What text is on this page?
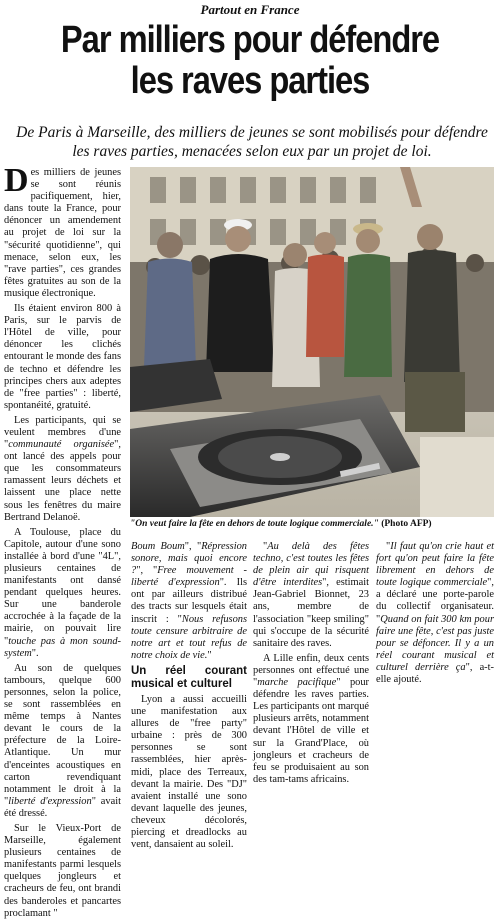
Partout en France
Par milliers pour défendre
les raves parties
De Paris à Marseille, des milliers de jeunes se sont mobilisés pour défendre les raves parties, menacées selon eux par un projet de loi.

Des milliers de jeunes se sont réunis pacifiquement, hier, dans toute la France, pour dénoncer un amendement au projet de loi sur la "sécurité quotidienne", qui menace, selon eux, les "rave parties", ces grandes fêtes gratuites au son de la musique électronique.

Ils étaient environ 800 à Paris, sur le parvis de l'Hôtel de ville, pour dénoncer les clichés entourant le monde des fans de techno et défendre les principes chers aux adeptes de "free parties" : liberté, spontanéité, gratuité.

Les participants, qui se veulent membres d'une "communauté organisée", ont lancé des appels pour que les consommateurs ramassent leurs déchets et laissent une place nette sous les fenêtres du maire Bertrand Delanoë.

A Toulouse, place du Capitole, autour d'une sono installée à bord d'une "4L", plusieurs centaines de manifestants ont dansé pendant quelques heures. Sur une banderole accrochée à la façade de la mairie, on pouvait lire "touche pas à mon sound-system".

Au son de quelques tambours, quelque 600 personnes, selon la police, se sont rassemblées en même temps à Nantes devant le cours de la préfecture de la Loire-Atlantique. Un mur d'enceintes acoustiques en carton revendiquant notamment le droit à la "liberté d'expression" avait été dressé.

Sur le Vieux-Port de Marseille, également plusieurs centaines de manifestants parmi lesquels quelques jongleurs et cracheurs de feu, ont brandi des banderoles et pancartes proclamant "

"On veut faire la fête en dehors de toute logique commerciale." (Photo AFP)

Boum Boum", "Répression sonore, mais quoi encore ?", "Free mouvement - liberté d'expression". Ils ont par ailleurs distribué des tracts sur lesquels était inscrit : "Nous refusons toute censure arbitraire de notre art et tout refus de notre choix de vie."

Un réel courant musical et culturel

Lyon a aussi accueilli une manifestation aux allures de "free party" urbaine : près de 300 personnes se sont rassemblées, hier après-midi, place des Terreaux, devant la mairie. Des "DJ" avaient installé une sono devant laquelle des jeunes, cheveux décolorés, piercing et dreadlocks au vent, dansaient au soleil.

"Au delà des fêtes techno, c'est toutes les fêtes de plein air qui risquent d'être interdites", estimait Jean-Gabriel Bionnet, 23 ans, membre de l'association "keep smiling" qui s'occupe de la sécurité sanitaire des raves.

A Lille enfin, deux cents personnes ont effectué une "marche pacifique" pour défendre les raves parties. Les participants ont marqué plusieurs arrêts, notamment devant l'Hôtel de ville et sur la Grand'Place, où jongleurs et cracheurs de feu se produisaient au son des tam-tams africains.

"Il faut qu'on crie haut et fort qu'on peut faire la fête librement en dehors de toute logique commerciale", a déclaré une porte-parole du collectif organisateur. "Quand on fait 300 km pour faire une fête, c'est pas juste pour se défoncer. Il y a un réel courant musical et culturel derrière ça", a-t-elle ajouté.
